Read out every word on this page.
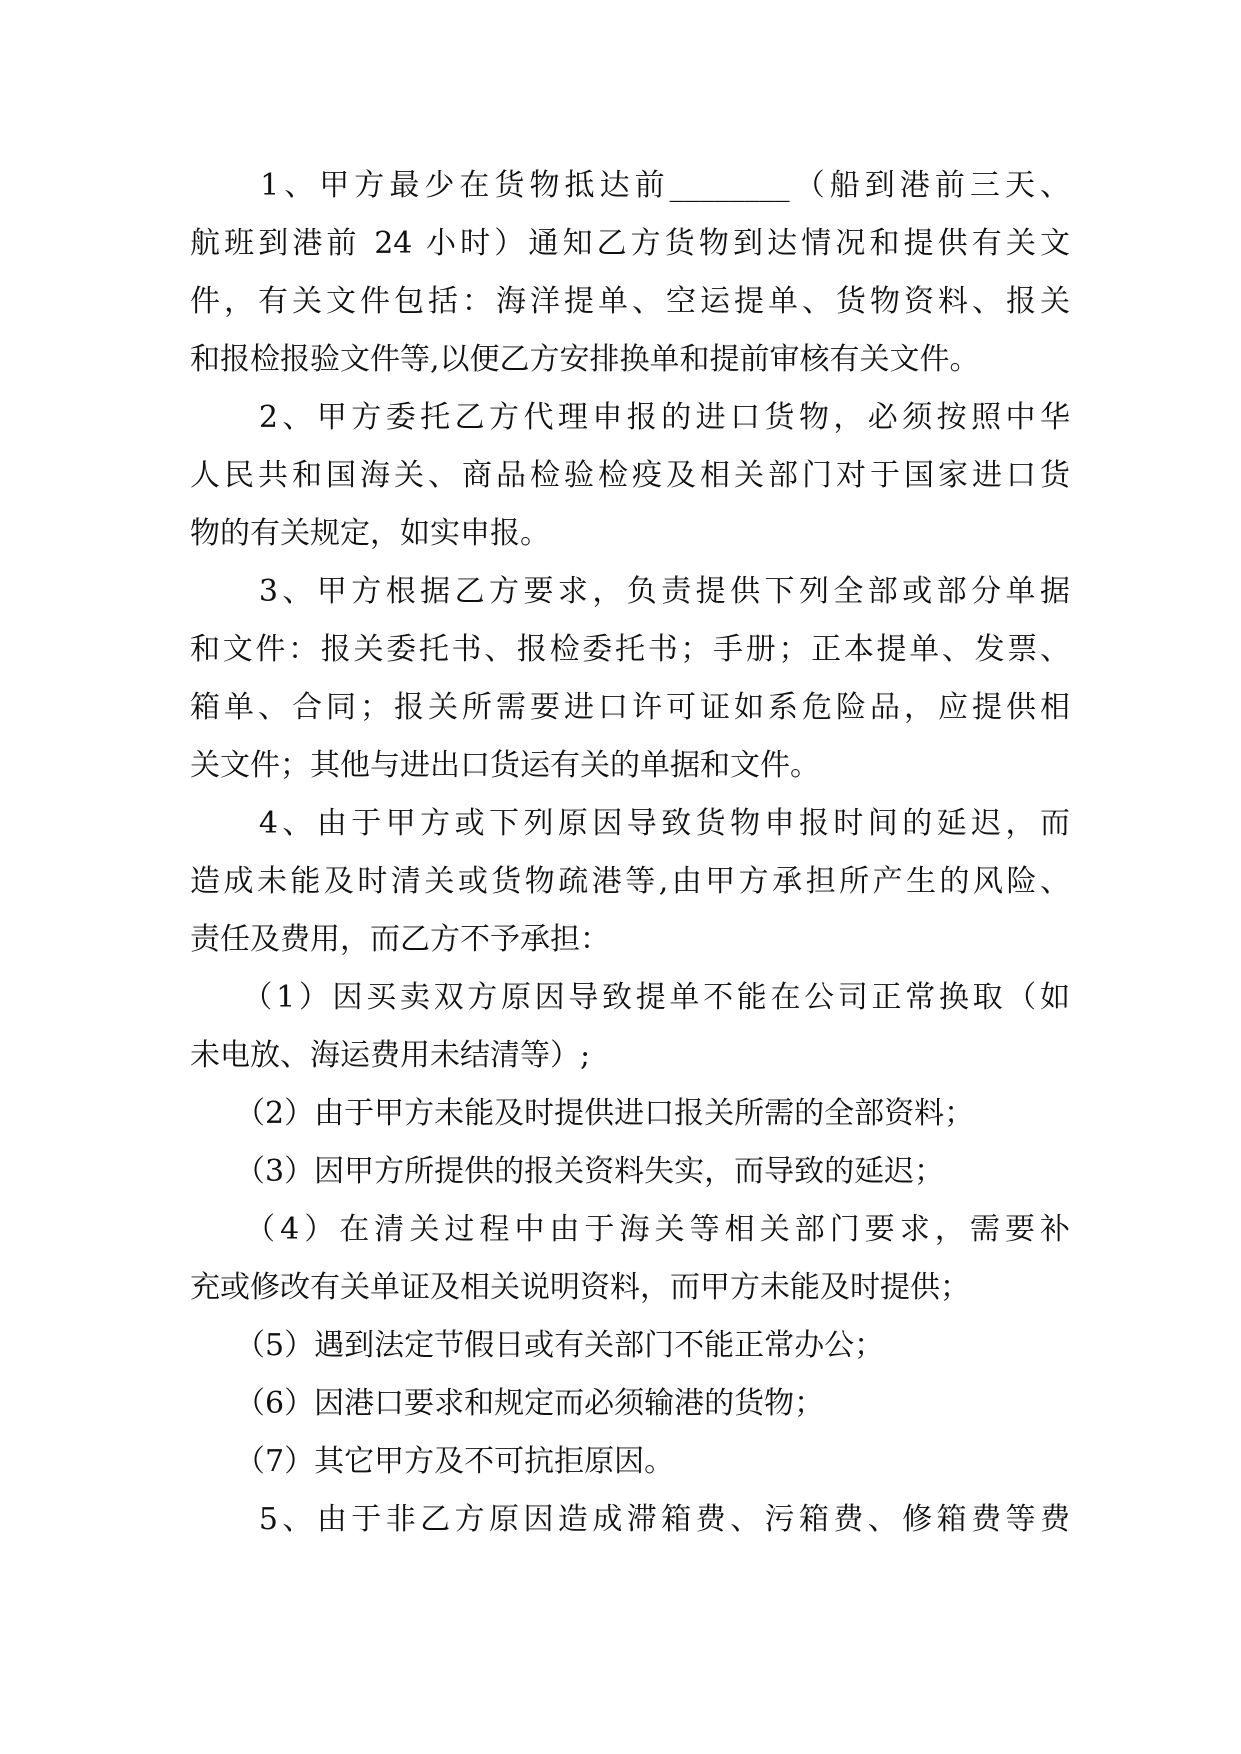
　　1、甲方最少在货物抵达前________（船到港前三天、
航班到港前 24 小时）通知乙方货物到达情况和提供有关文
件，有关文件包括：海洋提单、空运提单、货物资料、报关
和报检报验文件等,以便乙方安排换单和提前审核有关文件。
　　2、甲方委托乙方代理申报的进口货物，必须按照中华
人民共和国海关、商品检验检疫及相关部门对于国家进口货
物的有关规定，如实申报。
　　3、甲方根据乙方要求，负责提供下列全部或部分单据
和文件：报关委托书、报检委托书；手册；正本提单、发票、
箱单、合同；报关所需要进口许可证如系危险品，应提供相
关文件；其他与进出口货运有关的单据和文件。
　　4、由于甲方或下列原因导致货物申报时间的延迟，而
造成未能及时清关或货物疏港等,由甲方承担所产生的风险、
责任及费用，而乙方不予承担：
　　（1）因买卖双方原因导致提单不能在公司正常换取（如
未电放、海运费用未结清等）;
　　（2）由于甲方未能及时提供进口报关所需的全部资料；
　　（3）因甲方所提供的报关资料失实，而导致的延迟；
　　（4）在清关过程中由于海关等相关部门要求，需要补
充或修改有关单证及相关说明资料，而甲方未能及时提供；
　　（5）遇到法定节假日或有关部门不能正常办公；
　　（6）因港口要求和规定而必须输港的货物；
　　（7）其它甲方及不可抗拒原因。
　　5、由于非乙方原因造成滞箱费、污箱费、修箱费等费
